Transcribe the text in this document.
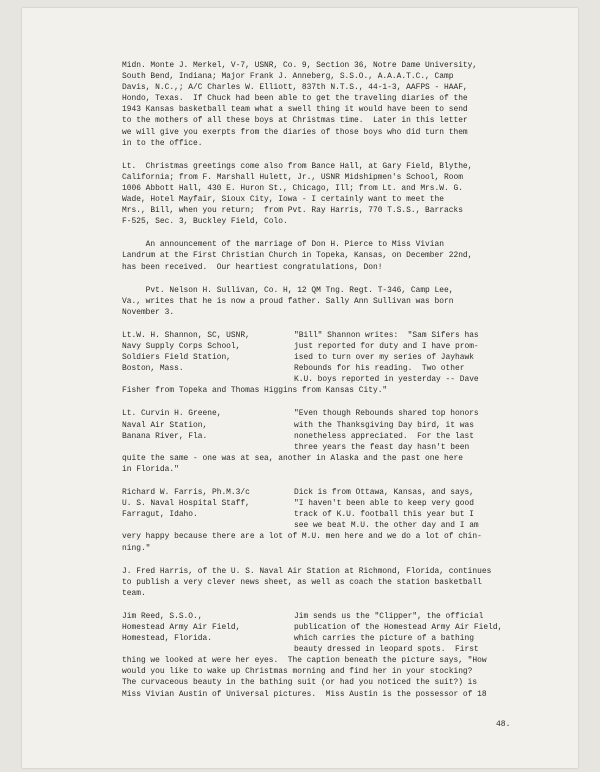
Midn. Monte J. Merkel, V-7, USNR, Co. 9, Section 36, Notre Dame University,
South Bend, Indiana; Major Frank J. Anneberg, S.S.O., A.A.A.T.C., Camp
Davis, N.C.,; A/C Charles W. Elliott, 837th N.T.S., 44-1-3, AAFPS - HAAF,
Hondo, Texas.  If Chuck had been able to get the traveling diaries of the
1943 Kansas basketball team what a swell thing it would have been to send
to the mothers of all these boys at Christmas time.  Later in this letter
we will give you exerpts from the diaries of those boys who did turn them
in to the office.
Lt.  Christmas greetings come also from Bance Hall, at Gary Field, Blythe,
California; from F. Marshall Hulett, Jr., USNR Midshipmen's School, Room
1006 Abbott Hall, 430 E. Huron St., Chicago, Ill; from Lt. and Mrs.W. G.
Wade, Hotel Mayfair, Sioux City, Iowa - I certainly want to meet the
Mrs., Bill, when you return;  from Pvt. Ray Harris, 770 T.S.S., Barracks
F-525, Sec. 3, Buckley Field, Colo.
An announcement of the marriage of Don H. Pierce to Miss Vivian
Landrum at the First Christian Church in Topeka, Kansas, on December 22nd,
has been received.  Our heartiest congratulations, Don!
Pvt. Nelson H. Sullivan, Co. H, 12 QM Tng. Regt. T-346, Camp Lee,
Va., writes that he is now a proud father. Sally Ann Sullivan was born
November 3.
Lt.W. H. Shannon, SC, USNR,
Navy Supply Corps School,
Soldiers Field Station,
Boston, Mass.
"Bill" Shannon writes:  "Sam Sifers has
just reported for duty and I have prom-
ised to turn over my series of Jayhawk
Rebounds for his reading.  Two other
K.U. boys reported in yesterday -- Dave
Fisher from Topeka and Thomas Higgins from Kansas City."
Lt. Curvin H. Greene,
Naval Air Station,
Banana River, Fla.
"Even though Rebounds shared top honors
with the Thanksgiving Day bird, it was
nonetheless appreciated.  For the last
three years the feast day hasn't been
quite the same - one was at sea, another in Alaska and the past one here
in Florida."
Richard W. Farris, Ph.M.3/c
U. S. Naval Hospital Staff,
Farragut, Idaho.
Dick is from Ottawa, Kansas, and says,
"I haven't been able to keep very good
track of K.U. football this year but I
see we beat M.U. the other day and I am
very happy because there are a lot of M.U. men here and we do a lot of chin-
ning."
J. Fred Harris, of the U. S. Naval Air Station at Richmond, Florida, continues
to publish a very clever news sheet, as well as coach the station basketball
team.
Jim Reed, S.S.O.,
Homestead Army Air Field,
Homestead, Florida.
Jim sends us the "Clipper", the official
publication of the Homestead Army Air Field,
which carries the picture of a bathing
beauty dressed in leopard spots.  First
thing we looked at were her eyes.  The caption beneath the picture says, "How
would you like to wake up Christmas morning and find her in your stocking?
The curvaceous beauty in the bathing suit (or had you noticed the suit?) is
Miss Vivian Austin of Universal pictures.  Miss Austin is the possessor of 18
48.
